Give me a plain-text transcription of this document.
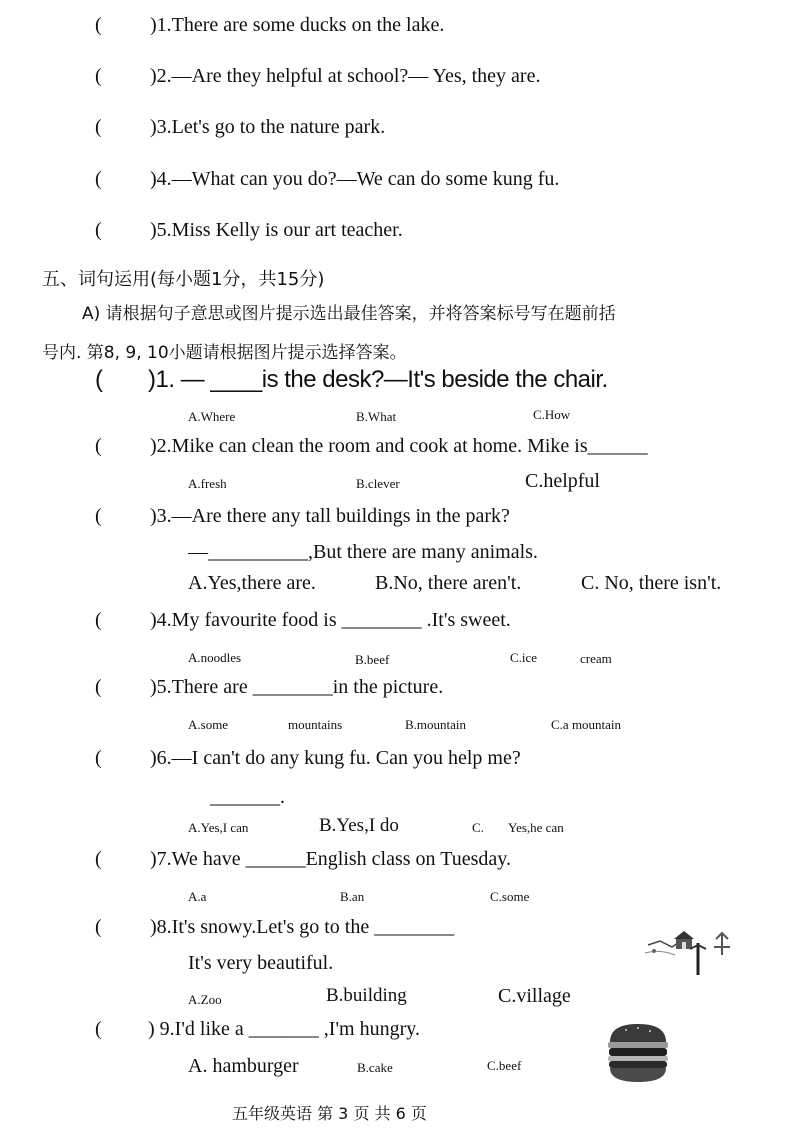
( )1.There are some ducks on the lake.
( )2.—Are they helpful at school?— Yes, they are.
( )3.Let's go to the nature park.
( )4.—What can you do?—We can do some kung fu.
( )5.Miss Kelly is our art teacher.
五、词句运用(每小题1分，共15分)
A) 请根据句子意思或图片提示选出最佳答案，并将答案标号写在题前括
号内. 第8, 9, 10小题请根据图片提示选择答案。
( )1. — ____is the desk?—It's beside the chair.
A.Where	B.What	C.How
( )2.Mike can clean the room and cook at home. Mike is______
A.fresh	B.clever	C.helpful
( )3.—Are there any tall buildings in the park?
—__________,But there are many animals.
A.Yes,there are.	B.No, there aren't.	C. No, there isn't.
( )4.My favourite food is ________ .It's sweet.
A.noodles	B.beef	C.ice	cream
( )5.There are ________in the picture.
A.some	mountains	B.mountain	C.a mountain
( )6.—I can't do any kung fu. Can you help me?
_______.
A.Yes,I can	B.Yes,I do	C. Yes,he can
( )7.We have ______English class on Tuesday.
A.a	B.an	C.some
( )8.It's snowy.Let's go to the ________
It's very beautiful.
A.Zoo	B.building	C.village
( ) 9.I'd like a _______ ,I'm hungry.
A. hamburger	B.cake	C.beef
五年级英语 第 3 页 共 6 页
